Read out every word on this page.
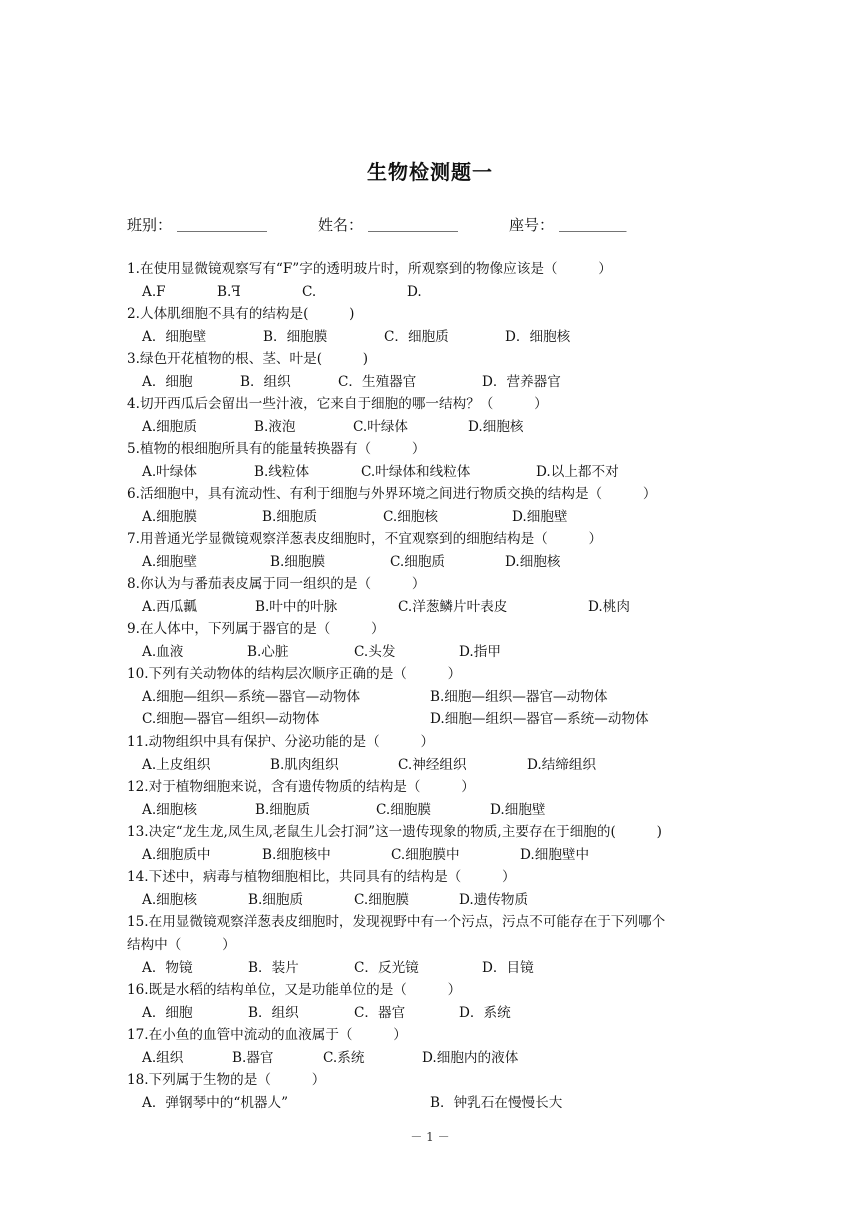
生物检测题一
班别： ____________	姓名： ____________	座号： _________
1.在使用显微镜观察写有“F”字的透明玻片时，所观察到的物像应该是（　　　）
A.F	B.ꟻ	C.	D.
2.人体肌细胞不具有的结构是(　　　)
A．细胞壁	B．细胞膜	C．细胞质	D．细胞核
3.绿色开花植物的根、茎、叶是(　　　)
A．细胞	B．组织	C．生殖器官	D．营养器官
4.切开西瓜后会留出一些汁液，它来自于细胞的哪一结构？（　　　）
A.细胞质	B.液泡	C.叶绿体	D.细胞核
5.植物的根细胞所具有的能量转换器有（　　　）
A.叶绿体	B.线粒体	C.叶绿体和线粒体	D.以上都不对
6.活细胞中，具有流动性、有利于细胞与外界环境之间进行物质交换的结构是（　　　）
A.细胞膜	B.细胞质	C.细胞核	D.细胞壁
7.用普通光学显微镜观察洋葱表皮细胞时，不宜观察到的细胞结构是（　　　）
A.细胞壁	B.细胞膜	C.细胞质	D.细胞核
8.你认为与番茄表皮属于同一组织的是（　　　）
A.西瓜瓤	B.叶中的叶脉	C.洋葱鳞片叶表皮	D.桃肉
9.在人体中，下列属于器官的是（　　　）
A.血液	B.心脏	C.头发	D.指甲
10.下列有关动物体的结构层次顺序正确的是（　　　）
A.细胞—组织—系统—器官—动物体	B.细胞—组织—器官—动物体
C.细胞—器官—组织—动物体	D.细胞—组织—器官—系统—动物体
11.动物组织中具有保护、分泌功能的是（　　　）
A.上皮组织	B.肌肉组织	C.神经组织	D.结缔组织
12.对于植物细胞来说，含有遗传物质的结构是（　　　）
A.细胞核	B.细胞质	C.细胞膜	D.细胞壁
13.决定“龙生龙,凤生凤,老鼠生儿会打洞”这一遗传现象的物质,主要存在于细胞的(　　　)
A.细胞质中	B.细胞核中	C.细胞膜中	D.细胞壁中
14.下述中，病毒与植物细胞相比，共同具有的结构是（　　　）
A.细胞核	B.细胞质	C.细胞膜	D.遗传物质
15.在用显微镜观察洋葱表皮细胞时，发现视野中有一个污点，污点不可能存在于下列哪个
结构中（　　　）
A．物镜	B．装片	C．反光镜	D．目镜
16.既是水稻的结构单位，又是功能单位的是（　　　）
A．细胞	B．组织	C．器官	D．系统
17.在小鱼的血管中流动的血液属于（　　　）
A.组织	B.器官	C.系统	D.细胞内的液体
18.下列属于生物的是（　　　）
A．弹钢琴中的“机器人”	B．钟乳石在慢慢长大
－ 1 －
